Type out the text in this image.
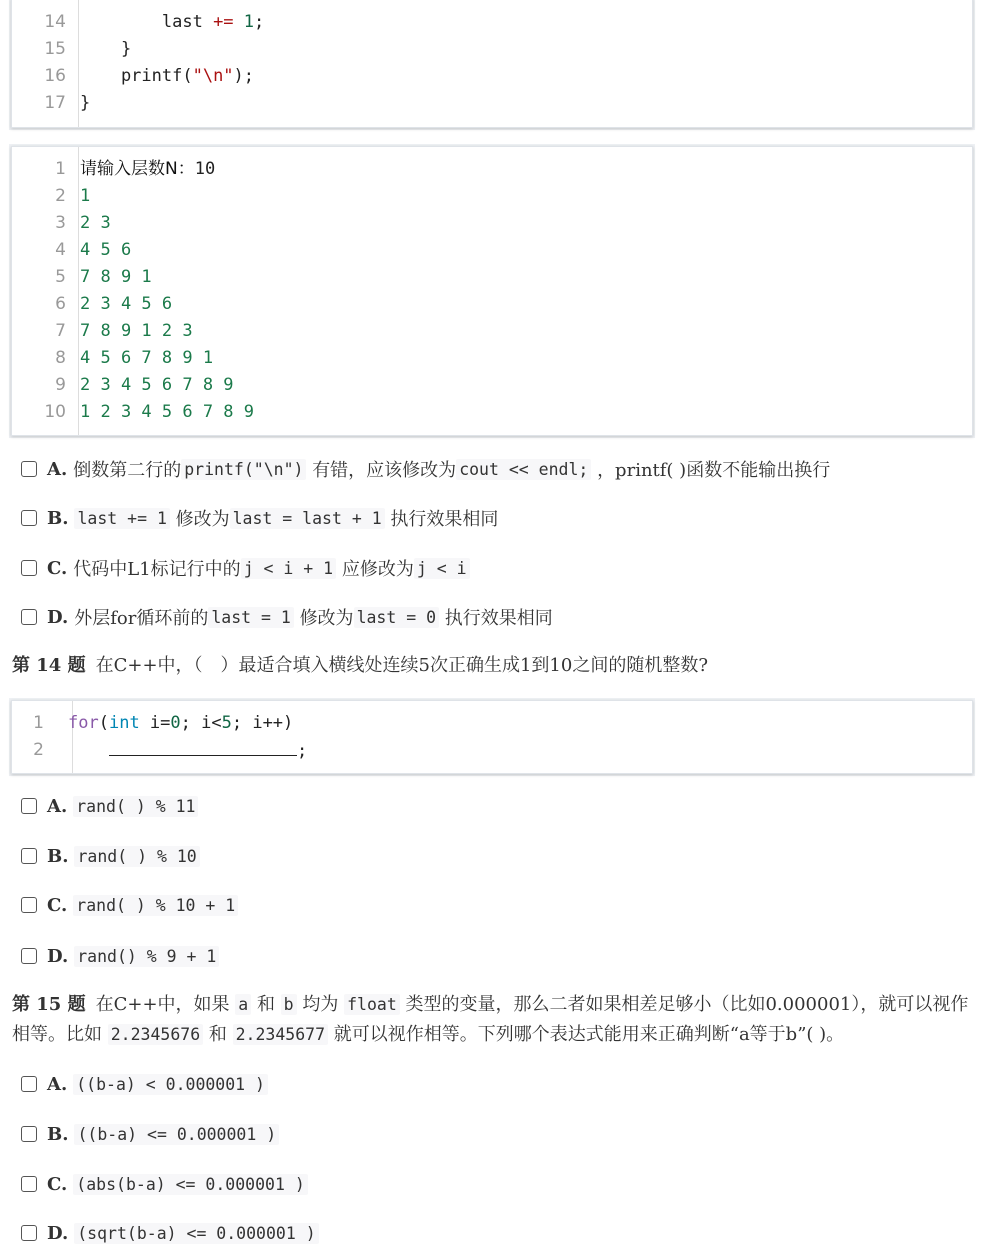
14 last += 1;
15 }
16 printf("\n");
17 }
1 请输入层数N：10
2 1
3 2 3
4 4 5 6
5 7 8 9 1
6 2 3 4 5 6
7 7 8 9 1 2 3
8 4 5 6 7 8 9 1
9 2 3 4 5 6 7 8 9
10 1 2 3 4 5 6 7 8 9
A. 倒数第二行的 printf("\n")
有错，应该修改为 cout << endl;
，printf( )函数不能输出换行
B. last += 1
修改为 last = last + 1
执行效果相同
C. 代码中L1标记行中的 j < i + 1
应修改为 j < i
D. 外层for循环前的 last = 1
修改为 last = 0
执行效果相同
第 14 题 在C++中，（　）最适合填入横线处连续5次正确生成1到10之间的随机整数?
1 for(int i=0; i<5; i++)
2	;
A. rand( ) % 11
B. rand( ) % 10
C. rand( ) % 10 + 1
D. rand() % 9 + 1
第 15 题 在C++中，如果 a 和 b 均为 float 类型的变量，那么二者如果相差足够小（比如0.000001），就可以视作相等。比如 2.2345676 和 2.2345677 就可以视作相等。下列哪个表达式能用来正确判断“a等于b”( )。
A. ((b-a) < 0.000001 )
B. ((b-a) <= 0.000001 )
C. (abs(b-a) <= 0.000001 )
D. (sqrt(b-a) <= 0.000001 )
